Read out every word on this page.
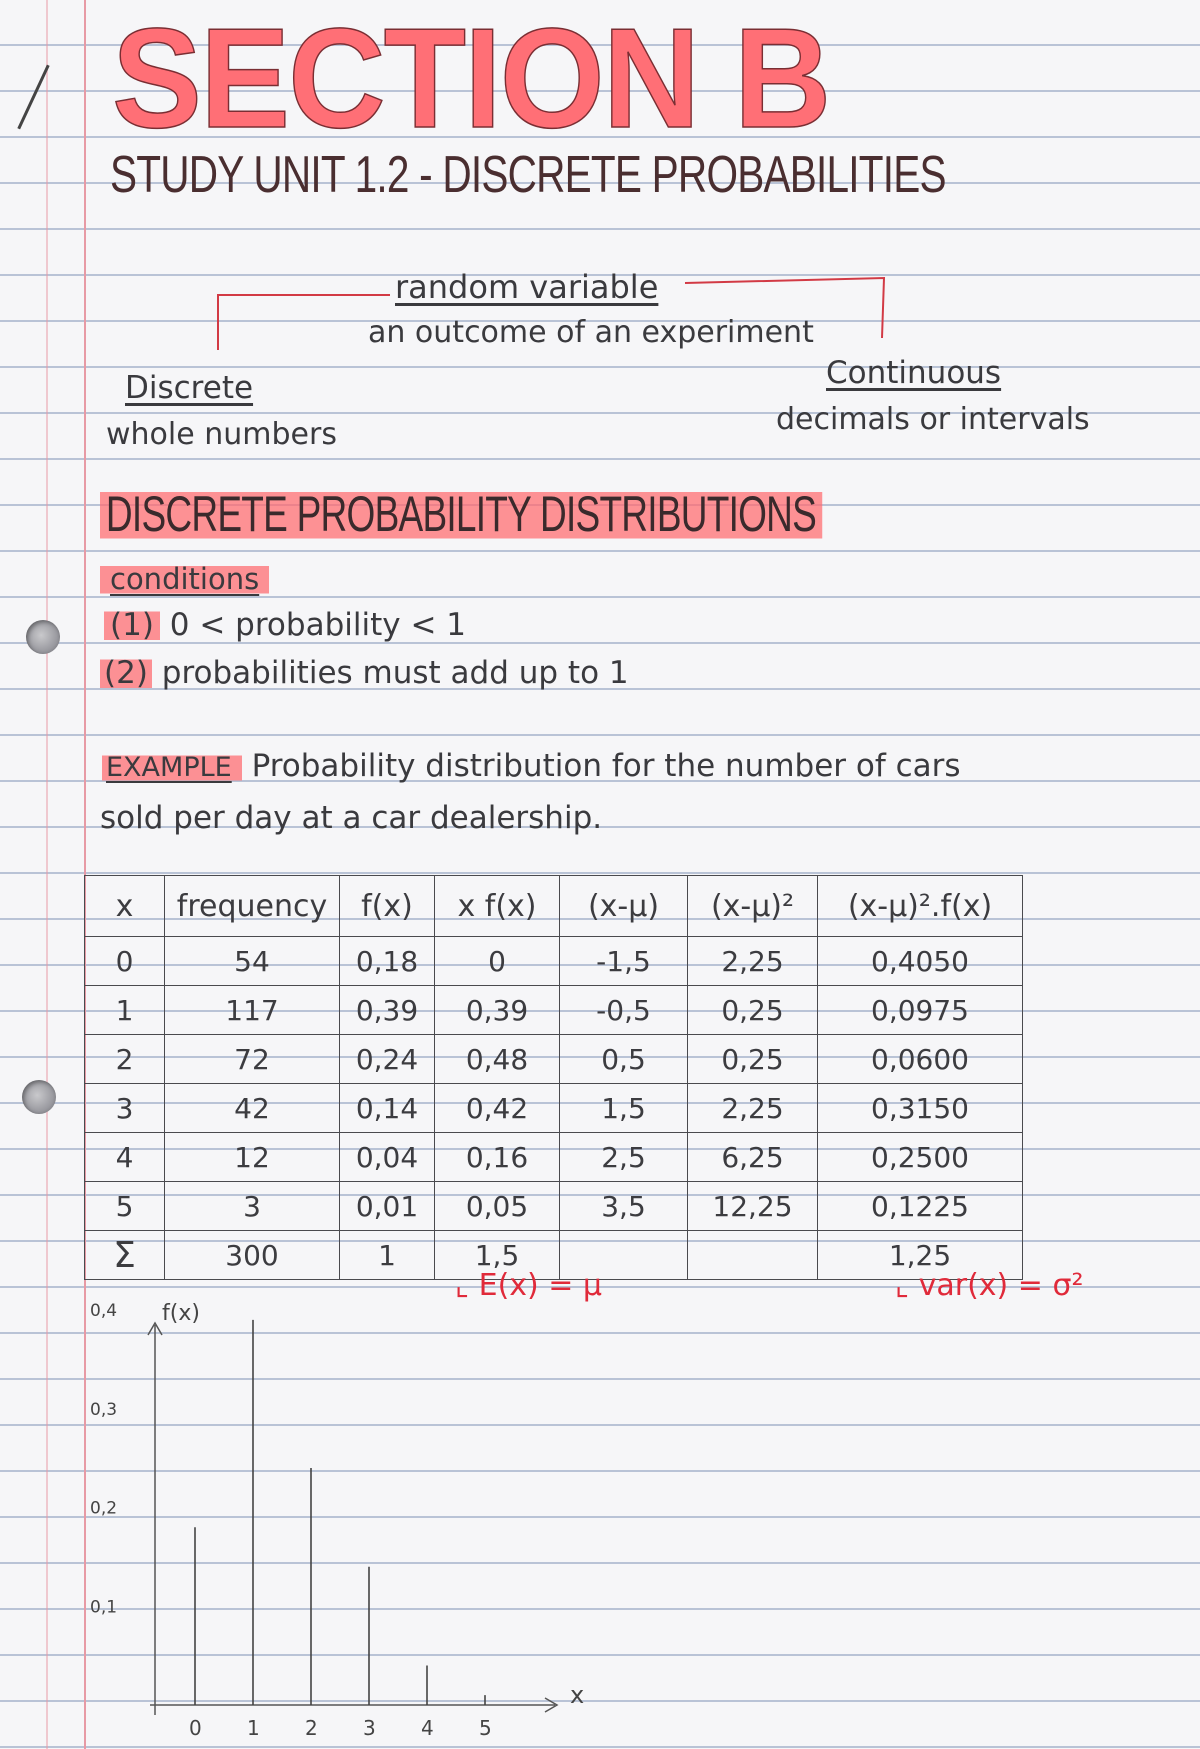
SECTION B
STUDY UNIT 1.2 - DISCRETE PROBABILITIES
random variable
an outcome of an experiment
Discrete
whole numbers
Continuous
decimals or intervals
DISCRETE PROBABILITY DISTRIBUTIONS
conditions
(1) 0 < probability < 1
(2) probabilities must add up to 1
EXAMPLE Probability distribution for the number of cars
sold per day at a car dealership.
x	frequency	f(x)	x f(x)	(x-μ)	(x-μ)²	(x-μ)².f(x)
0	54	0,18	0	-1,5	2,25	0,4050
1	117	0,39	0,39	-0,5	0,25	0,0975
2	72	0,24	0,48	0,5	0,25	0,0600
3	42	0,14	0,42	1,5	2,25	0,3150
4	12	0,04	0,16	2,5	6,25	0,2500
5	3	0,01	0,05	3,5	12,25	0,1225
Σ	300	1	1,5			1,25
⌞ E(x) = μ	⌞ var(x) = σ²
f(x)
x
0,1
0,2
0,3
0,4
0 1 2 3 4 5
